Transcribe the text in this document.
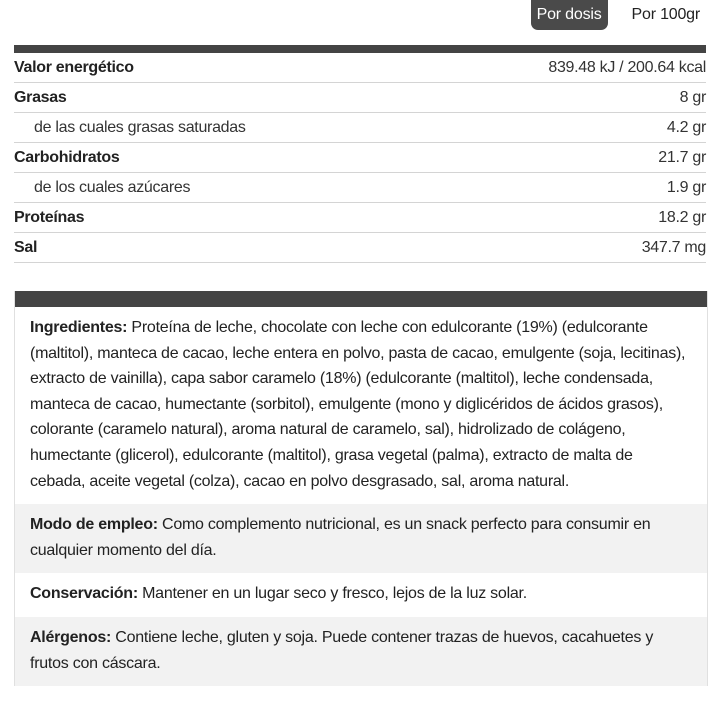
Por dosis	Por 100gr
Valor energético	839.48 kJ / 200.64 kcal
Grasas	8 gr
de las cuales grasas saturadas	4.2 gr
Carbohidratos	21.7 gr
de los cuales azúcares	1.9 gr
Proteínas	18.2 gr
Sal	347.7 mg
Ingredientes: Proteína de leche, chocolate con leche con edulcorante (19%) (edulcorante (maltitol), manteca de cacao, leche entera en polvo, pasta de cacao, emulgente (soja, lecitinas), extracto de vainilla), capa sabor caramelo (18%) (edulcorante (maltitol), leche condensada, manteca de cacao, humectante (sorbitol), emulgente (mono y diglicéridos de ácidos grasos), colorante (caramelo natural), aroma natural de caramelo, sal), hidrolizado de colágeno, humectante (glicerol), edulcorante (maltitol), grasa vegetal (palma), extracto de malta de cebada, aceite vegetal (colza), cacao en polvo desgrasado, sal, aroma natural.
Modo de empleo: Como complemento nutricional, es un snack perfecto para consumir en cualquier momento del día.
Conservación: Mantener en un lugar seco y fresco, lejos de la luz solar.
Alérgenos: Contiene leche, gluten y soja. Puede contener trazas de huevos, cacahuetes y frutos con cáscara.
